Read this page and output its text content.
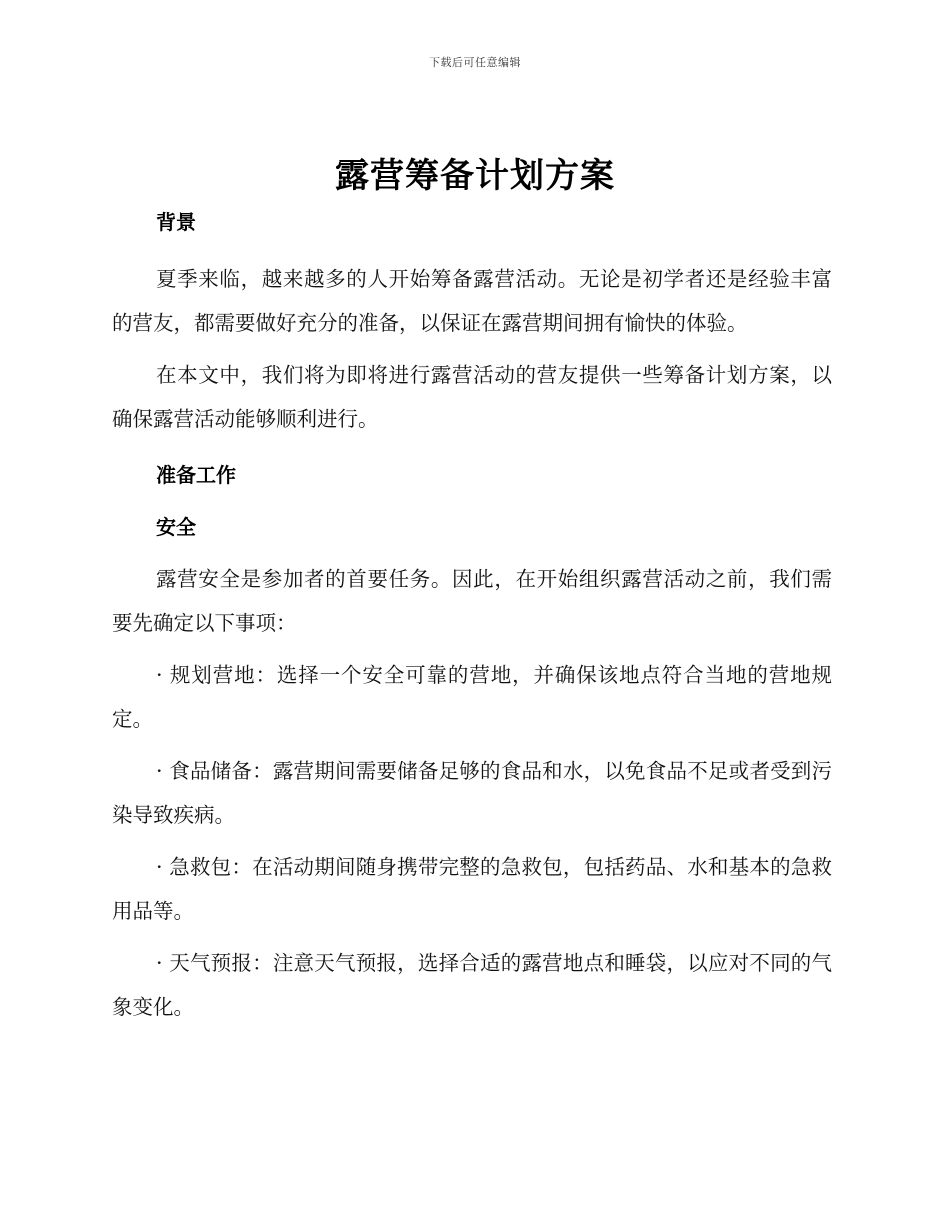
下载后可任意编辑
露营筹备计划方案
背景

夏季来临，越来越多的人开始筹备露营活动。无论是初学者还是经验丰富的营友，都需要做好充分的准备，以保证在露营期间拥有愉快的体验。

在本文中，我们将为即将进行露营活动的营友提供一些筹备计划方案，以确保露营活动能够顺利进行。

准备工作
安全

露营安全是参加者的首要任务。因此，在开始组织露营活动之前，我们需要先确定以下事项：

· 规划营地：选择一个安全可靠的营地，并确保该地点符合当地的营地规定。

· 食品储备：露营期间需要储备足够的食品和水，以免食品不足或者受到污染导致疾病。

· 急救包：在活动期间随身携带完整的急救包，包括药品、水和基本的急救用品等。

· 天气预报：注意天气预报，选择合适的露营地点和睡袋，以应对不同的气象变化。
